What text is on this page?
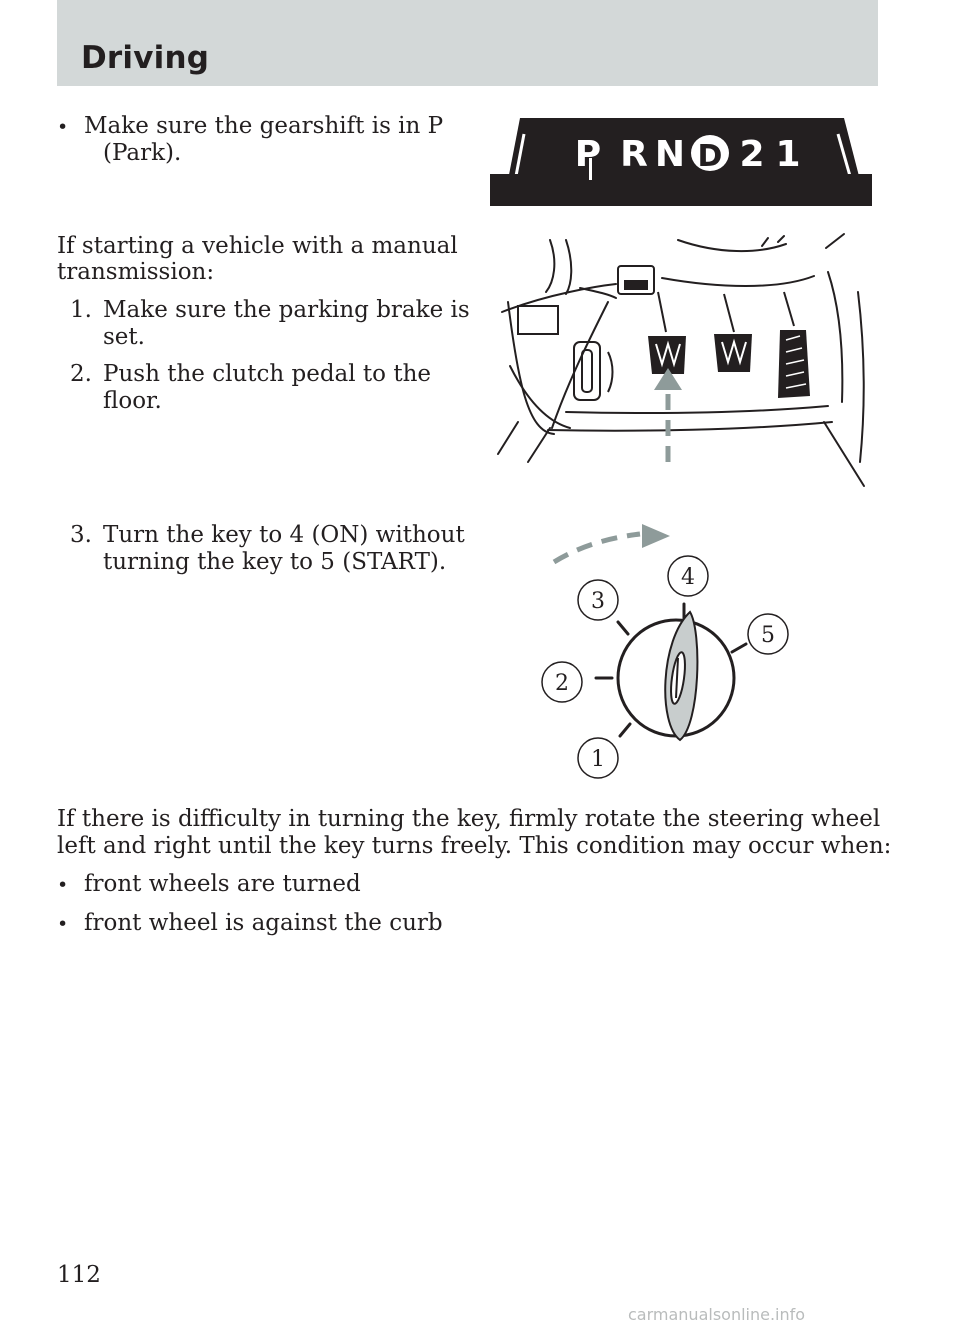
Driving
• Make sure the gearshift is in P
(Park).
If starting a vehicle with a manual
transmission:
1. Make sure the parking brake is
set.
2. Push the clutch pedal to the
floor.
3. Turn the key to 4 (ON) without
turning the key to 5 (START).
If there is difficulty in turning the key, firmly rotate the steering wheel
left and right until the key turns freely. This condition may occur when:
• front wheels are turned
• front wheel is against the curb
P R N D 2 1
4
3
2
1
5
112
carmanualsonline.info
